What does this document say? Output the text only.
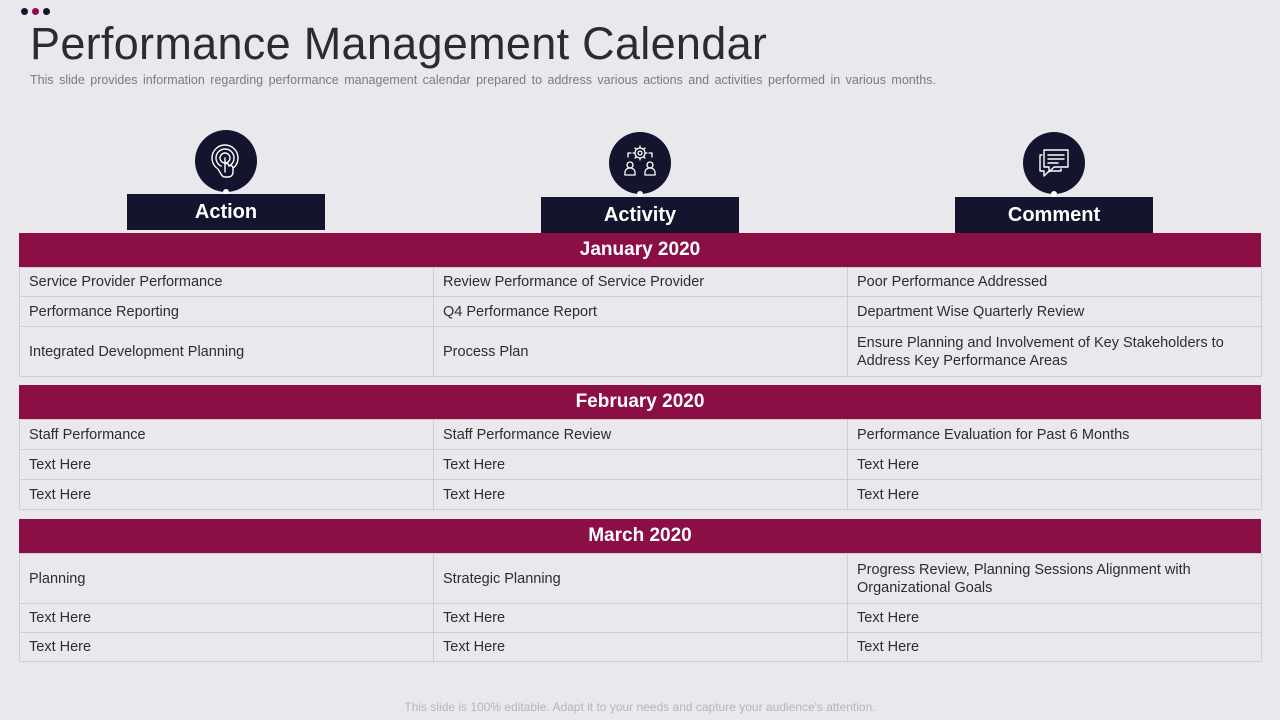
Performance Management Calendar
This slide provides information regarding performance management calendar prepared to address various actions and activities performed in various months.
Action	Activity	Comment
January 2020
Service Provider Performance	Review Performance of Service Provider	Poor Performance Addressed
Performance Reporting	Q4 Performance Report	Department Wise Quarterly Review
Integrated Development Planning	Process Plan	Ensure Planning and Involvement of Key Stakeholders to Address Key Performance Areas
February 2020
Staff Performance	Staff Performance Review	Performance Evaluation for Past 6 Months
Text Here	Text Here	Text Here
Text Here	Text Here	Text Here
March 2020
Planning	Strategic Planning	Progress Review, Planning Sessions Alignment with Organizational Goals
Text Here	Text Here	Text Here
Text Here	Text Here	Text Here
This slide is 100% editable. Adapt it to your needs and capture your audience's attention.
